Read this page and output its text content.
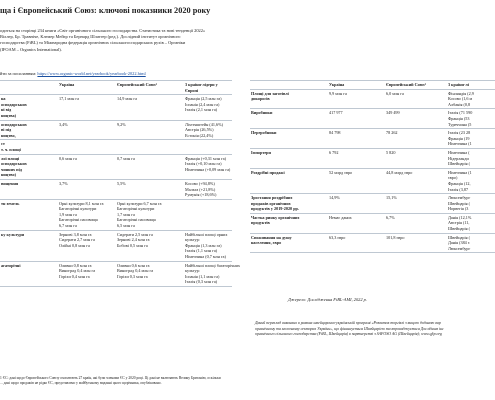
ща і Європейський Союз: ключові показники 2020 року
одиться на сторінці 234 книги «Світ органічного сільського господарства. Статистика та нові тенденції 2022»
Віллер, Бр. Травніче, Клемер Мейєр та Бернард Шлатгер (ред.). Дослідний інститут органічного
господарства (FiBL) та Міжнародна федерація органічних сільськогосподарських рухів – Органіки
(IFOAM – Organics International).
йти за посиланням: https://www.organic-world.net/yearbook/yearbook-2022.html
	Україна	Європейський Союз¹	3 країни-лідери у Європі

на
осподарських
ні від
ництва)	17,1 млн га	14,9 млн га	Франція (2,5 млн га)
Іспанія (2,4 млн га)
Італія (2,1 млн га)

осподарських
ві під
ництво,	3,4%	9,2%	Ліхтенштейн (41,6%)
Австрія (26,5%)
Естонія (22,4%)

ст
т. ч. площі			

лої площі
осподарських
чинних під
ництво)	0,6 млн га	0,7 млн га	Франція (+0,31 млн га)
Італія (+0,10 млн га)
Німеччина (+0,09 млн га)

вищення	3,7%	5,5%	Косово (+94,8%)
Мальта (+21,8%)
Румунія (+18,6%)

тн земель	Орні культури 8,1 млн га
Багаторічні культури
1,9 млн га
Багаторічні пасовища
6,7 млн га	Орні культури 6,7 млн га
Багаторічні культури
1,7 млн га
Багаторічні пасовища
6,5 млн га	

ку культури	Зернові 3,8 млн га
Сидерати 2,7 млн га
Олійні 0,8 млн га	Сидерати 2,5 млн га
Зернові 2,4 млн га
Бобові 0,5 млн га	Найбільші площі орних
культур:
Франція (1,3 млн га)
Італія (1,1 млн га)
Німеччина (0,7 млн га)

агаторічні	Оливки 0,8 млн га
Виноград 0,4 млн га
Горіхи 0,4 млн га	Оливки 0,6 млн га
Виноград 0,4 млн га
Горіхи 0,3 млн га	Найбільші площі багаторічних
культур:
Іспанія (1,1 млн га)
Італія (0,3 млн га)
	Україна	Європейський Союз¹	3 країни-лі

Площі для заготівлі
дикоросів	9,9 млн га	6,0 млн га	Фінляндія (2,9
Косово (1,6 м
Албанія (0,8

Виробники	417 977	349 499	Італія (71 590
Франція (53
Туреччина (5

Переробники	84 798	78 262	Італія (23 28
Франція (19
Німеччина (1

Імпортери	6 792	5 820	Німеччина (
Нідерланди
Швейцарія (

Роздрібні продажі	52 млрд євро	44,8 млрд євро	Німеччина (1
євро)
Франція (12,
Італія (3,87

Зростання роздрібних
продажів органічних
продуктів у 2019-2020 рр.	14,9%	15,1%	Люксембург
Швейцарія (
Норвегія (3

Частка ринку органічних
продуктів	Немає даних	6,7%	Данія (12,1%
Австрія (11,
Швейцарія (

Споживання на душу
населення, євро	63,3 євро	101,8 євро	Швейцарія (
Данія (384 є
Люксембург
Джерело: Дослідження FiBL-AMI, 2022 р.
Даний переклад виконано в рамках швейцарсько-українській програмі «Розвиток торгівлі з вищою доданою вар
органічному та молочному секторах України», що фінансується Швейцарією та впроваджується Дослідним інс
органічного сільського господарства (FiBL, Швейцарія) в партнерстві з SAFOSO AG (Швейцарія); www.qftp.org
1 ЄС: дані щодо Європейського Союзу охоплюють 27 країн, які були членами ЄС у 2020 році. Ці дані не включають Велику Британію, оскільки
... дані щодо продажів не рідко ЄС, представлено у майбутньому виданні цього щорічника, опубліковано.
